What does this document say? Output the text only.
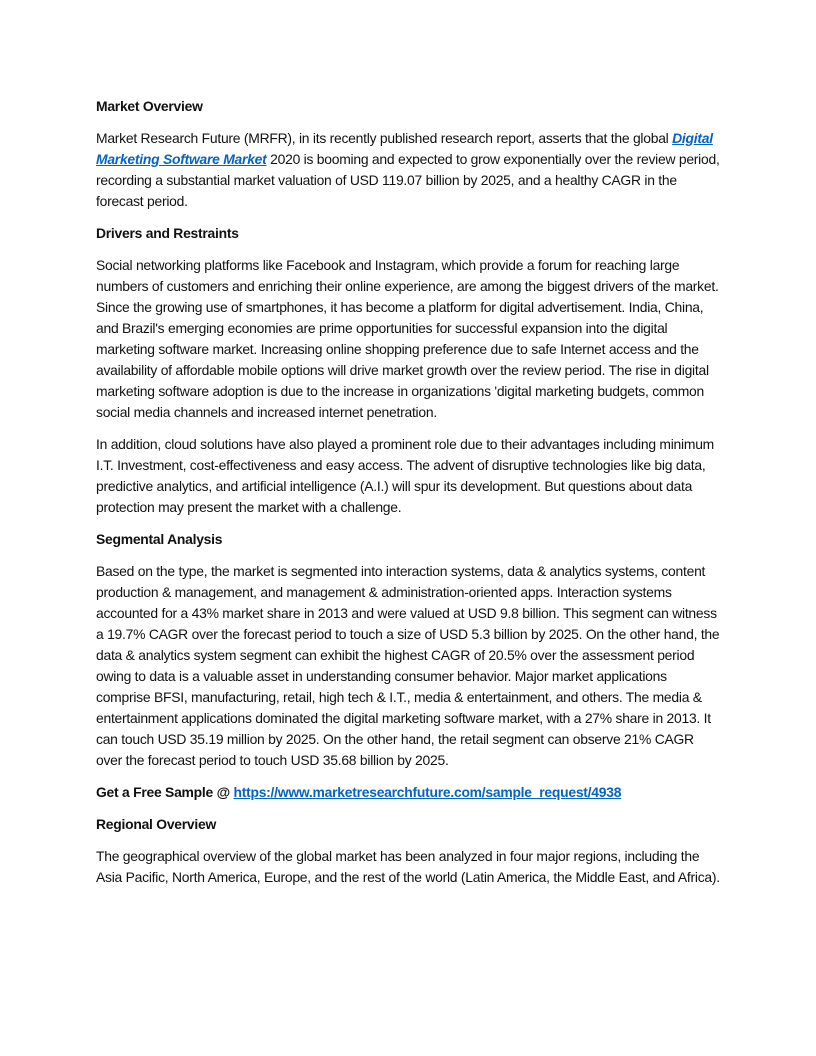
Market Overview

Market Research Future (MRFR), in its recently published research report, asserts that the global Digital Marketing Software Market 2020 is booming and expected to grow exponentially over the review period, recording a substantial market valuation of USD 119.07 billion by 2025, and a healthy CAGR in the forecast period.

Drivers and Restraints

Social networking platforms like Facebook and Instagram, which provide a forum for reaching large numbers of customers and enriching their online experience, are among the biggest drivers of the market. Since the growing use of smartphones, it has become a platform for digital advertisement. India, China, and Brazil's emerging economies are prime opportunities for successful expansion into the digital marketing software market. Increasing online shopping preference due to safe Internet access and the availability of affordable mobile options will drive market growth over the review period. The rise in digital marketing software adoption is due to the increase in organizations 'digital marketing budgets, common social media channels and increased internet penetration.

In addition, cloud solutions have also played a prominent role due to their advantages including minimum I.T. Investment, cost-effectiveness and easy access. The advent of disruptive technologies like big data, predictive analytics, and artificial intelligence (A.I.) will spur its development. But questions about data protection may present the market with a challenge.

Segmental Analysis

Based on the type, the market is segmented into interaction systems, data & analytics systems, content production & management, and management & administration-oriented apps. Interaction systems accounted for a 43% market share in 2013 and were valued at USD 9.8 billion. This segment can witness a 19.7% CAGR over the forecast period to touch a size of USD 5.3 billion by 2025. On the other hand, the data & analytics system segment can exhibit the highest CAGR of 20.5% over the assessment period owing to data is a valuable asset in understanding consumer behavior. Major market applications comprise BFSI, manufacturing, retail, high tech & I.T., media & entertainment, and others. The media & entertainment applications dominated the digital marketing software market, with a 27% share in 2013. It can touch USD 35.19 million by 2025. On the other hand, the retail segment can observe 21% CAGR over the forecast period to touch USD 35.68 billion by 2025.

Get a Free Sample @ https://www.marketresearchfuture.com/sample_request/4938

Regional Overview

The geographical overview of the global market has been analyzed in four major regions, including the Asia Pacific, North America, Europe, and the rest of the world (Latin America, the Middle East, and Africa).
